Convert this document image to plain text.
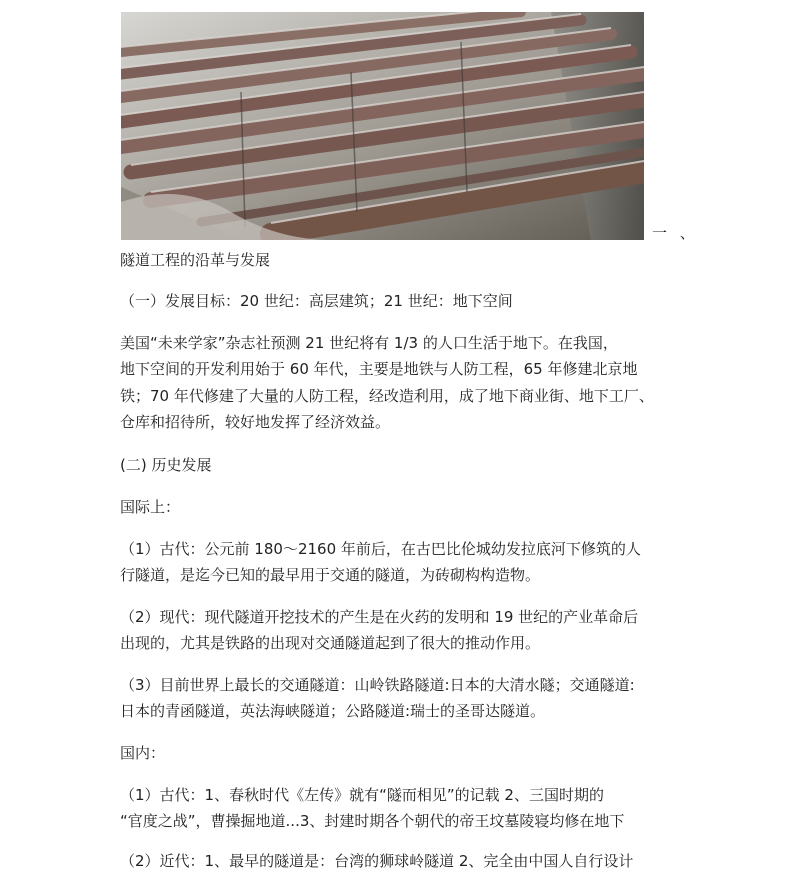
一 、
隧道工程的沿革与发展
（一）发展目标：20 世纪：高层建筑；21 世纪：地下空间
美国“未来学家”杂志社预测 21 世纪将有 1/3 的人口生活于地下。在我国，
地下空间的开发利用始于 60 年代，主要是地铁与人防工程，65 年修建北京地
铁；70 年代修建了大量的人防工程，经改造利用，成了地下商业街、地下工厂、
仓库和招待所，较好地发挥了经济效益。
(二) 历史发展
国际上：
（1）古代：公元前 180～2160 年前后，在古巴比伦城幼发拉底河下修筑的人
行隧道，是迄今已知的最早用于交通的隧道，为砖砌构构造物。
（2）现代：现代隧道开挖技术的产生是在火药的发明和 19 世纪的产业革命后
出现的，尤其是铁路的出现对交通隧道起到了很大的推动作用。
（3）目前世界上最长的交通隧道：山岭铁路隧道:日本的大清水隧；交通隧道:
日本的青函隧道，英法海峡隧道；公路隧道:瑞士的圣哥达隧道。
国内：
（1）古代：1、春秋时代《左传》就有“隧而相见”的记载 2、三国时期的
“官度之战”，曹操掘地道...3、封建时期各个朝代的帝王坟墓陵寝均修在地下
（2）近代：1、最早的隧道是：台湾的狮球岭隧道 2、完全由中国人自行设计
